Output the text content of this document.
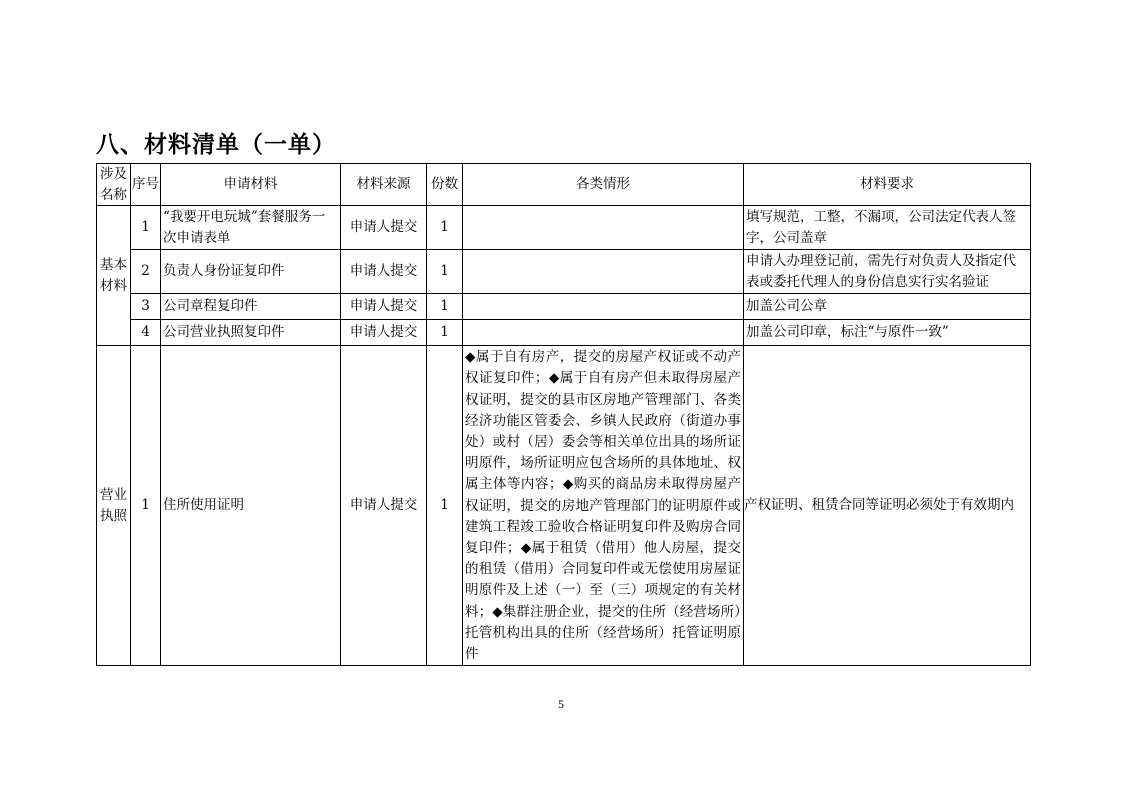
八、材料清单（一单）
涉及名称	序号	申请材料	材料来源	份数	各类情形	材料要求

基本材料	1	“我要开电玩城”套餐服务一次申请表单	申请人提交	1		填写规范，工整，不漏项，公司法定代表人签字，公司盖章
	2	负责人身份证复印件	申请人提交	1		申请人办理登记前，需先行对负责人及指定代表或委托代理人的身份信息实行实名验证
	3	公司章程复印件	申请人提交	1		加盖公司公章
	4	公司营业执照复印件	申请人提交	1		加盖公司印章，标注“与原件一致”

营业执照	1	住所使用证明	申请人提交	1	◆属于自有房产，提交的房屋产权证或不动产权证复印件；◆属于自有房产但未取得房屋产权证明，提交的县市区房地产管理部门、各类经济功能区管委会、乡镇人民政府（街道办事处）或村（居）委会等相关单位出具的场所证明原件，场所证明应包含场所的具体地址、权属主体等内容；◆购买的商品房未取得房屋产权证明，提交的房地产管理部门的证明原件或建筑工程竣工验收合格证明复印件及购房合同复印件；◆属于租赁（借用）他人房屋，提交的租赁（借用）合同复印件或无偿使用房屋证明原件及上述（一）至（三）项规定的有关材料；◆集群注册企业，提交的住所（经营场所）托管机构出具的住所（经营场所）托管证明原件	产权证明、租赁合同等证明必须处于有效期内
5
